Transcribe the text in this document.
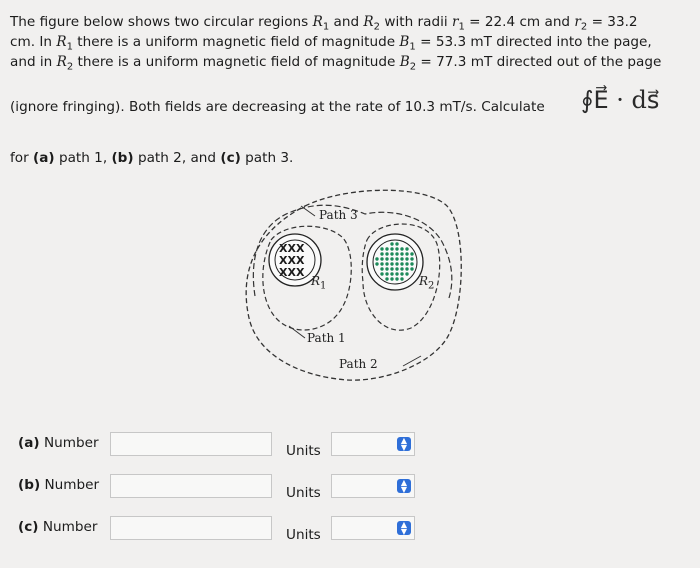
The figure below shows two circular regions $R_1$ and $R_2$ with radii $r_1 = 22.4$ cm and $r_2 = 33.2$

cm. In $R_1$ there is a uniform magnetic field of magnitude $B_1 = 53.3$ mT directed into the page,

and in $R_2$ there is a uniform magnetic field of magnitude $B_2 = 77.3$ mT directed out of the page

(ignore fringing). Both fields are decreasing at the rate of 10.3 mT/s. Calculate ∮E⃗ · ds⃗
for (a) path 1, (b) path 2, and (c) path 3.
XXX
XXX
XXX
Path 3
Path 1
Path 2
$R_1$	$R_2$
(a) Number	Units
▲
▼
(b) Number	Units
▲
▼
(c) Number	Units
▲
▼
